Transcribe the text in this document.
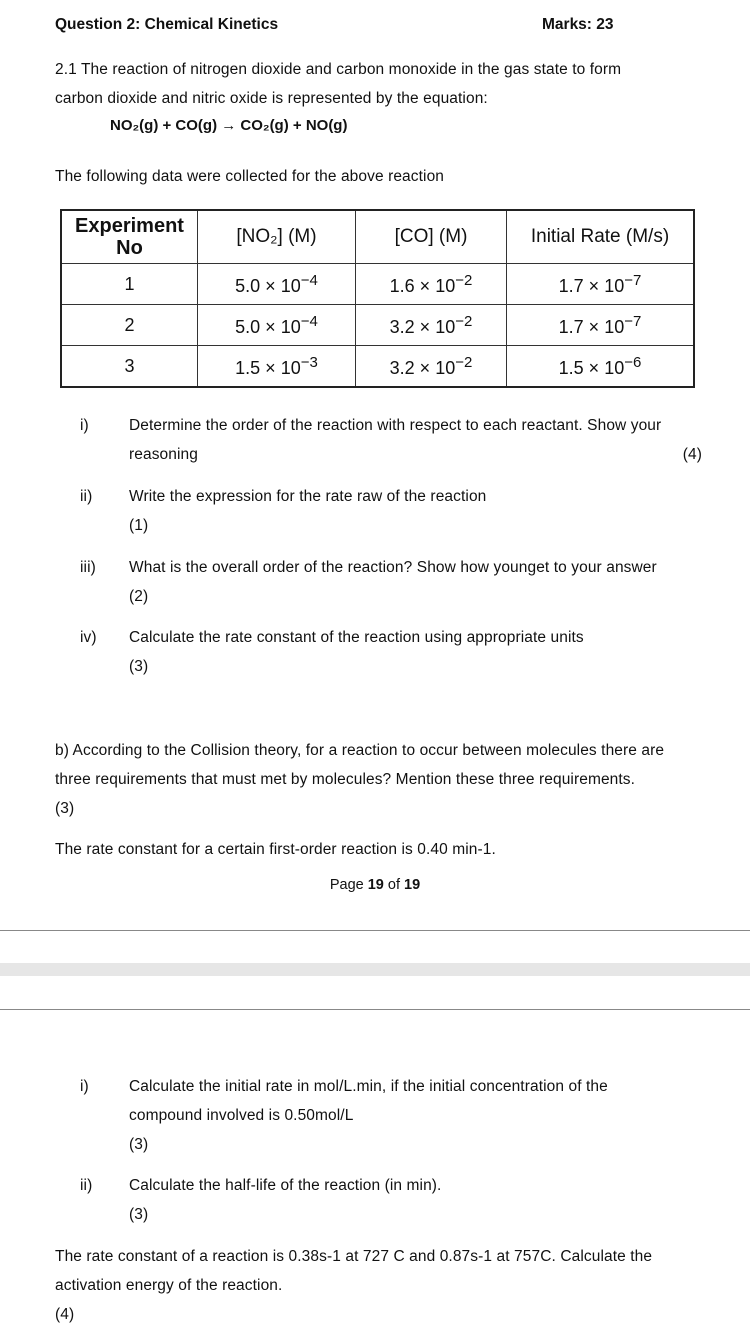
Question 2: Chemical Kinetics	Marks: 23
2.1 The reaction of nitrogen dioxide and carbon monoxide in the gas state to form
carbon dioxide and nitric oxide is represented by the equation:
NO₂(g) + CO(g) → CO₂(g) + NO(g)
The following data were collected for the above reaction
Experiment
No	[NO₂] (M)	[CO] (M)	Initial Rate (M/s)
1	$5.0 \times 10^{-4}$	$1.6 \times 10^{-2}$	$1.7 \times 10^{-7}$
2	$5.0 \times 10^{-4}$	$3.2 \times 10^{-2}$	$1.7 \times 10^{-7}$
3	$1.5 \times 10^{-3}$	$3.2 \times 10^{-2}$	$1.5 \times 10^{-6}$
i)	Determine the order of the reaction with respect to each reactant. Show your
reasoning	(4)
ii) Write the expression for the rate raw of the reaction
(1)
iii) What is the overall order of the reaction? Show how younget to your answer
(2)
iv) Calculate the rate constant of the reaction using appropriate units
(3)
b) According to the Collision theory, for a reaction to occur between molecules there are
three requirements that must met by molecules? Mention these three requirements.
(3)
The rate constant for a certain first-order reaction is 0.40 min-1.
Page 19 of 19
i)	Calculate the initial rate in mol/L.min, if the initial concentration of the
compound involved is 0.50mol/L
(3)
ii) Calculate the half-life of the reaction (in min).
(3)
The rate constant of a reaction is 0.38s-1 at 727 C and 0.87s-1 at 757C. Calculate the
activation energy of the reaction.
(4)
